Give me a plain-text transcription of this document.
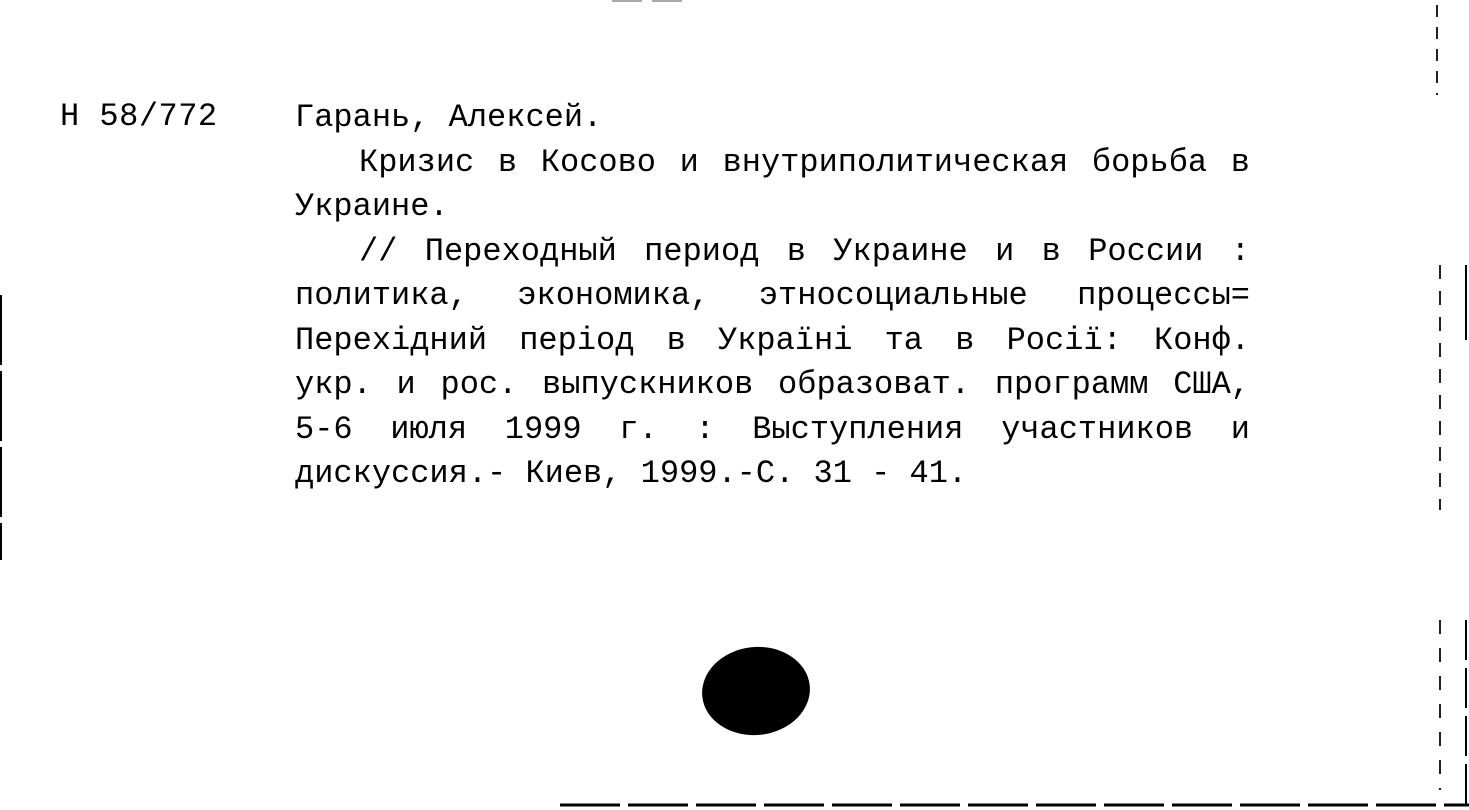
Н 58/772 Гарань, Алексей.

Кризис в Косово и внутриполитическая борьба в Украине.

// Переходный период в Украине и в России : политика, экономика, этносоциальные процессы= Перехідний період в Україні та в Росії: Конф. укр. и рос. выпускников образоват. программ США, 5-6 июля 1999 г. : Выступления участников и дискуссия.- Киев, 1999.-С. 31 - 41.
